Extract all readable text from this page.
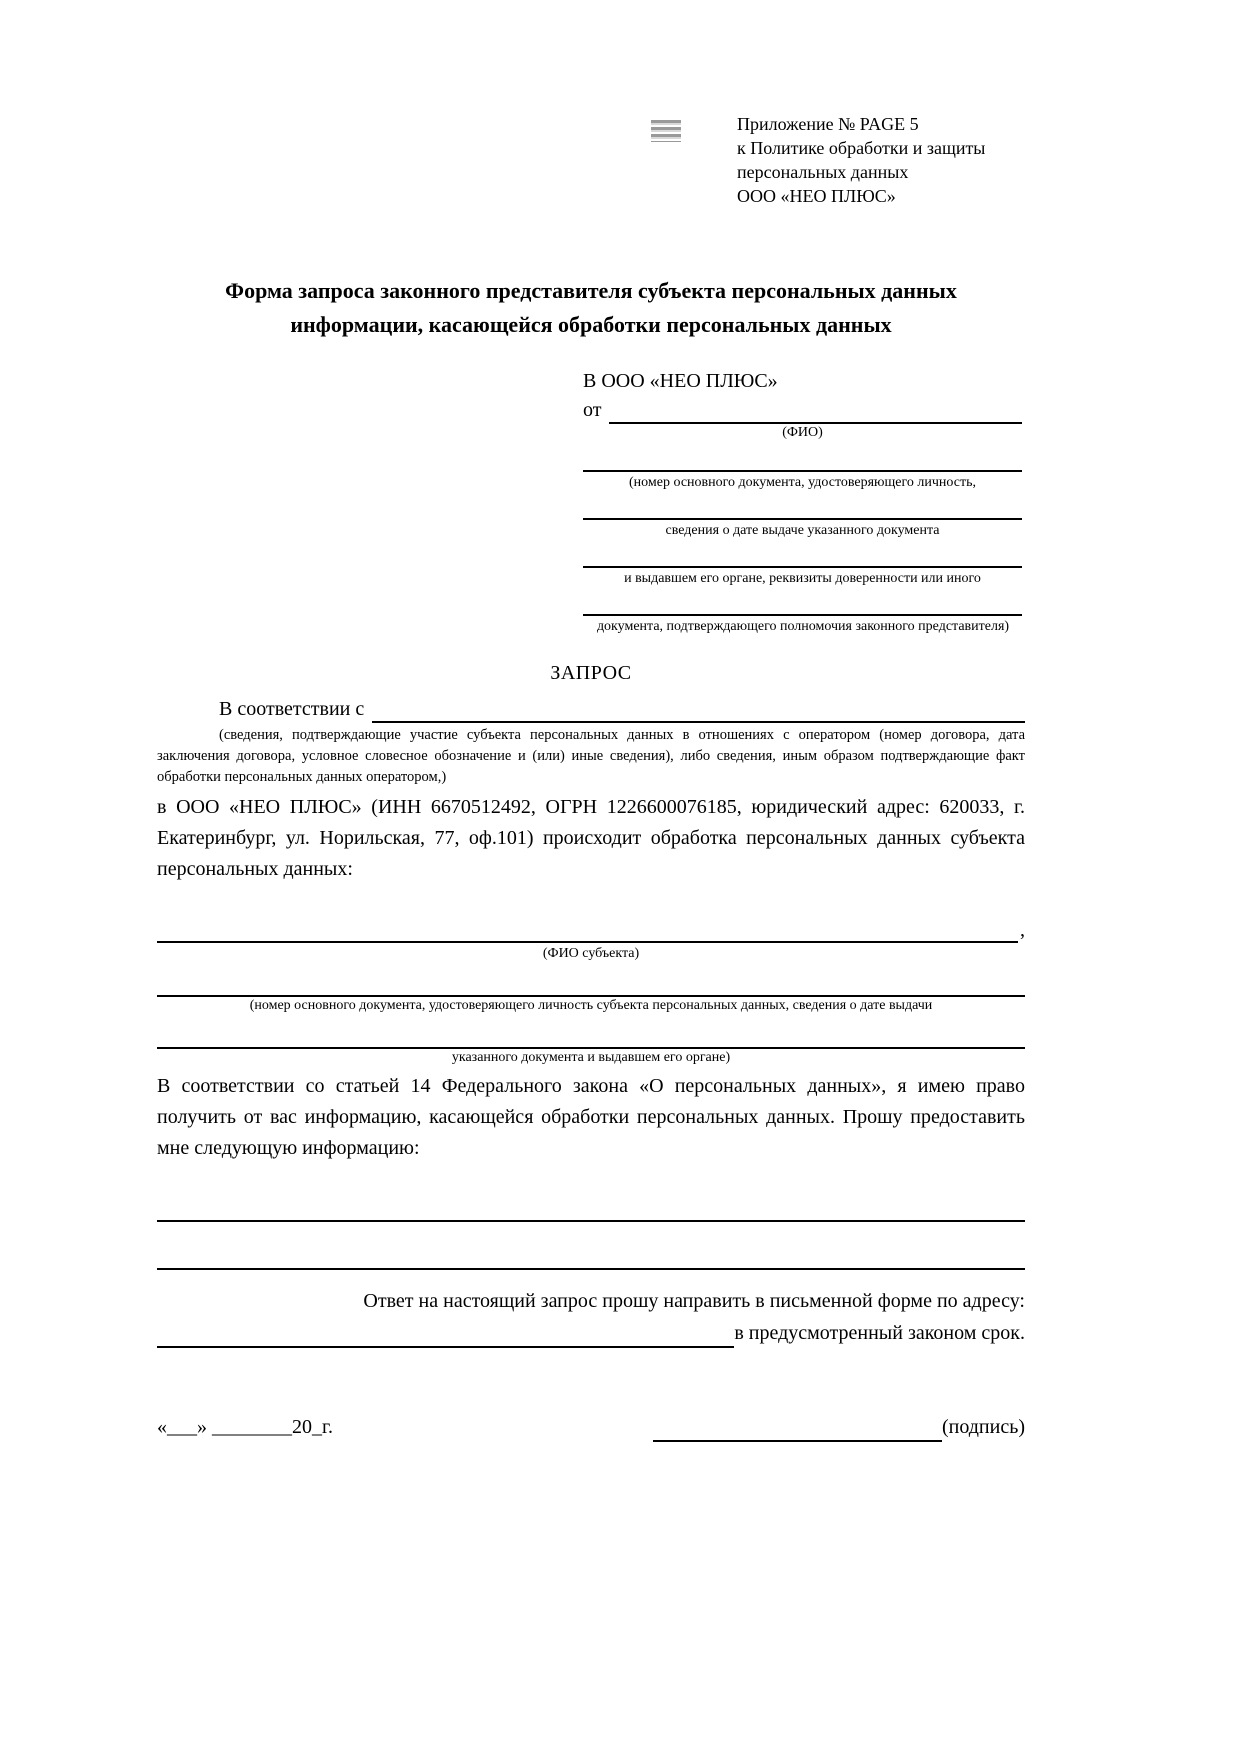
Приложение № PAGE 5
к Политике обработки и защиты
персональных данных
ООО «НЕО ПЛЮС»
Форма запроса законного представителя субъекта персональных данных
информации, касающейся обработки персональных данных
В ООО «НЕО ПЛЮС»
от
(ФИО)
(номер основного документа, удостоверяющего личность,
сведения о дате выдаче указанного документа
и выдавшем его органе, реквизиты доверенности или иного
документа, подтверждающего полномочия законного представителя)
ЗАПРОС
В соответствии с

(сведения, подтверждающие участие субъекта персональных данных в отношениях с оператором (номер договора, дата заключения договора, условное словесное обозначение и (или) иные сведения), либо сведения, иным образом подтверждающие факт обработки персональных данных оператором,)

в ООО «НЕО ПЛЮС» (ИНН 6670512492, ОГРН 1226600076185, юридический адрес: 620033, г. Екатеринбург, ул. Норильская, 77, оф.101) происходит обработка персональных данных субъекта персональных данных:

,
(ФИО субъекта)
(номер основного документа, удостоверяющего личность субъекта персональных данных, сведения о дате выдачи
указанного документа и выдавшем его органе)

В соответствии со статьей 14 Федерального закона «О персональных данных», я имею право получить от вас информацию, касающейся обработки персональных данных. Прошу предоставить мне следующую информацию:

Ответ на настоящий запрос прошу направить в письменной форме по адресу:

в предусмотренный законом срок.
«___» ________20_г.	(подпись)
